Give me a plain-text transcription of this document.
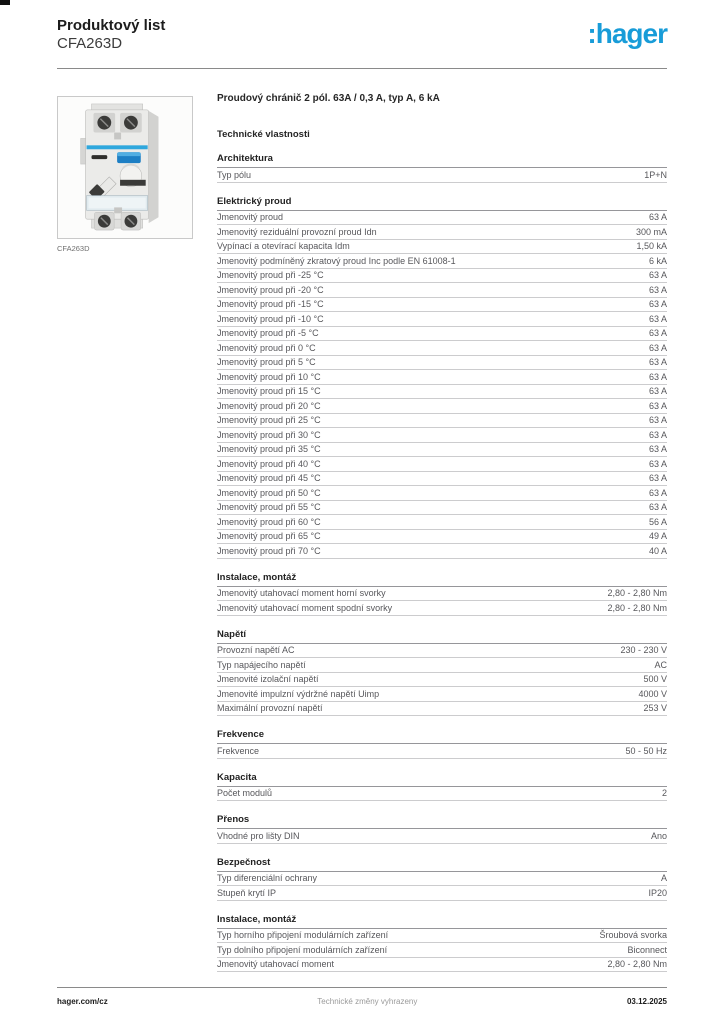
Produktový list
CFA263D	:hager
CFA263D
Proudový chránič 2 pól. 63A / 0,3 A, typ A, 6 kA
Technické vlastnosti
Architektura
Typ pólu	1P+N
Elektrický proud
Jmenovitý proud	63 A
Jmenovitý reziduální provozní proud Idn	300 mA
Vypínací a otevírací kapacita Idm	1,50 kA
Jmenovitý podmíněný zkratový proud Inc podle EN 61008-1	6 kA
Jmenovitý proud při -25 °C	63 A
Jmenovitý proud při -20 °C	63 A
Jmenovitý proud při -15 °C	63 A
Jmenovitý proud při -10 °C	63 A
Jmenovitý proud při -5 °C	63 A
Jmenovitý proud při 0 °C	63 A
Jmenovitý proud při 5 °C	63 A
Jmenovitý proud při 10 °C	63 A
Jmenovitý proud při 15 °C	63 A
Jmenovitý proud při 20 °C	63 A
Jmenovitý proud při 25 °C	63 A
Jmenovitý proud při 30 °C	63 A
Jmenovitý proud při 35 °C	63 A
Jmenovitý proud při 40 °C	63 A
Jmenovitý proud při 45 °C	63 A
Jmenovitý proud při 50 °C	63 A
Jmenovitý proud při 55 °C	63 A
Jmenovitý proud při 60 °C	56 A
Jmenovitý proud při 65 °C	49 A
Jmenovitý proud při 70 °C	40 A
Instalace, montáž
Jmenovitý utahovací moment horní svorky	2,80 - 2,80 Nm
Jmenovitý utahovací moment spodní svorky	2,80 - 2,80 Nm
Napětí
Provozní napětí AC	230 - 230 V
Typ napájecího napětí	AC
Jmenovité izolační napětí	500 V
Jmenovité impulzní výdržné napětí Uimp	4000 V
Maximální provozní napětí	253 V
Frekvence
Frekvence	50 - 50 Hz
Kapacita
Počet modulů	2
Přenos
Vhodné pro lišty DIN	Ano
Bezpečnost
Typ diferenciální ochrany	A
Stupeň krytí IP	IP20
Instalace, montáž
Typ horního připojení modulárních zařízení	Šroubová svorka
Typ dolního připojení modulárních zařízení	Biconnect
Jmenovitý utahovací moment	2,80 - 2,80 Nm
hager.com/cz	Technické změny vyhrazeny	03.12.2025
